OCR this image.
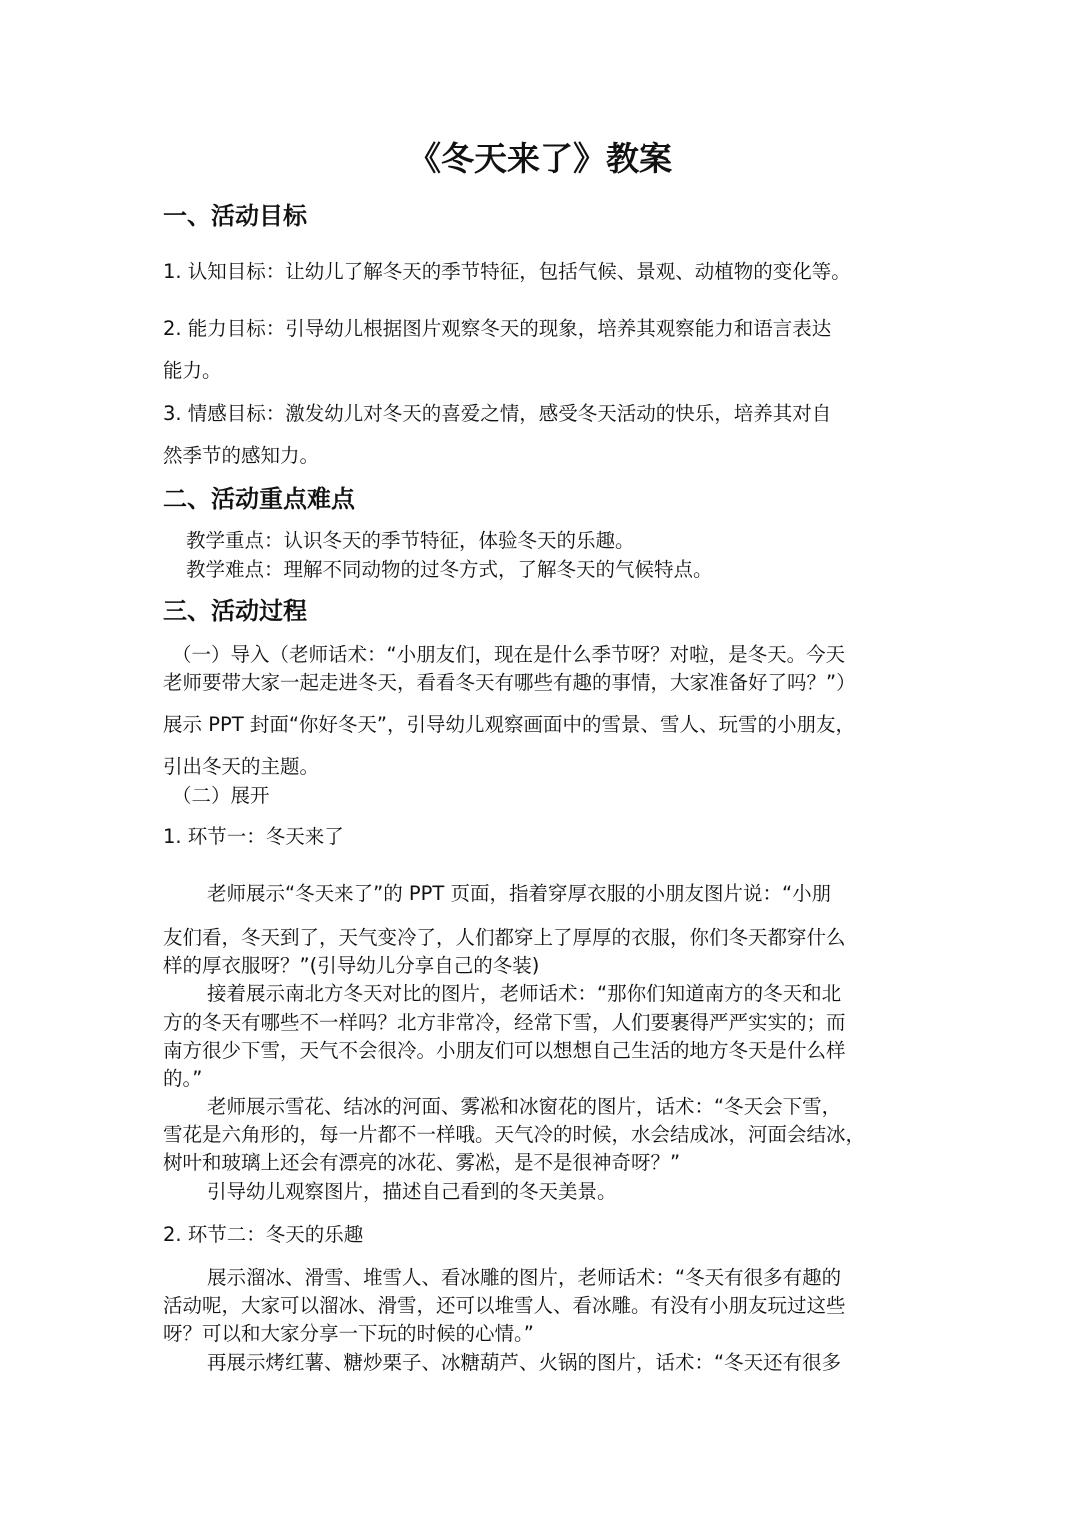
《冬天来了》教案
一、活动目标
1. 认知目标：让幼儿了解冬天的季节特征，包括气候、景观、动植物的变化等。
2. 能力目标：引导幼儿根据图片观察冬天的现象，培养其观察能力和语言表达
能力。
3. 情感目标：激发幼儿对冬天的喜爱之情，感受冬天活动的快乐，培养其对自
然季节的感知力。
二、活动重点难点
教学重点：认识冬天的季节特征，体验冬天的乐趣。
教学难点：理解不同动物的过冬方式，了解冬天的气候特点。
三、活动过程
（一）导入（老师话术：“小朋友们，现在是什么季节呀？对啦，是冬天。今天
老师要带大家一起走进冬天，看看冬天有哪些有趣的事情，大家准备好了吗？”）
展示 PPT 封面“你好冬天”，引导幼儿观察画面中的雪景、雪人、玩雪的小朋友，
引出冬天的主题。
（二）展开
1. 环节一：冬天来了
老师展示“冬天来了”的 PPT 页面，指着穿厚衣服的小朋友图片说：“小朋
友们看，冬天到了，天气变冷了，人们都穿上了厚厚的衣服，你们冬天都穿什么
样的厚衣服呀？”(引导幼儿分享自己的冬装)
接着展示南北方冬天对比的图片，老师话术：“那你们知道南方的冬天和北
方的冬天有哪些不一样吗？北方非常冷，经常下雪，人们要裹得严严实实的；而
南方很少下雪，天气不会很冷。小朋友们可以想想自己生活的地方冬天是什么样
的。”
老师展示雪花、结冰的河面、雾凇和冰窗花的图片，话术：“冬天会下雪，
雪花是六角形的，每一片都不一样哦。天气冷的时候，水会结成冰，河面会结冰，
树叶和玻璃上还会有漂亮的冰花、雾凇，是不是很神奇呀？”
引导幼儿观察图片，描述自己看到的冬天美景。
2. 环节二：冬天的乐趣
展示溜冰、滑雪、堆雪人、看冰雕的图片，老师话术：“冬天有很多有趣的
活动呢，大家可以溜冰、滑雪，还可以堆雪人、看冰雕。有没有小朋友玩过这些
呀？可以和大家分享一下玩的时候的心情。”
再展示烤红薯、糖炒栗子、冰糖葫芦、火锅的图片，话术：“冬天还有很多
